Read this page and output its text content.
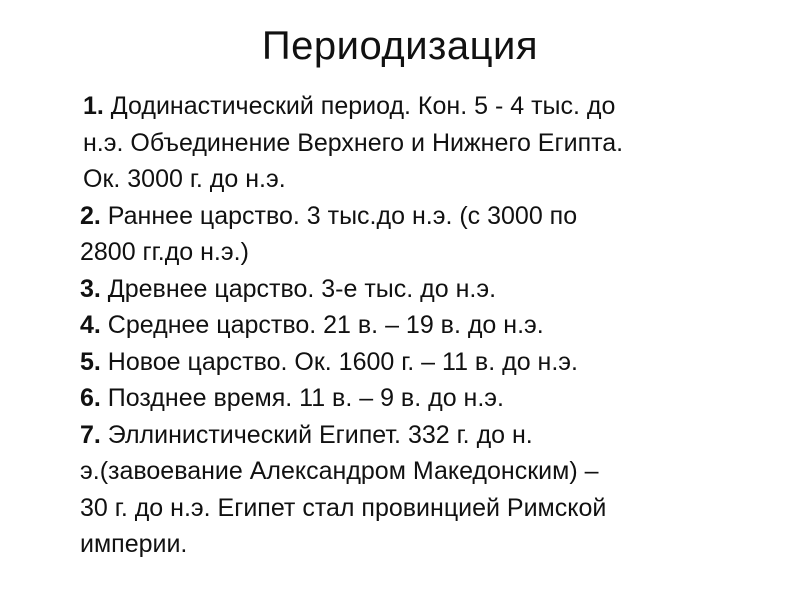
Периодизация
1. Додинастический период. Кон. 5 - 4 тыс. до
н.э. Объединение Верхнего и Нижнего Египта.
Ок. 3000 г. до н.э.
2. Раннее царство. 3 тыс.до н.э. (с 3000 по
2800 гг.до н.э.)
3. Древнее царство. 3-е тыс. до н.э.
4. Среднее царство. 21 в. – 19 в. до н.э.
5. Новое царство. Ок. 1600 г. – 11 в. до н.э.
6. Позднее время. 11 в. – 9 в. до н.э.
7. Эллинистический Египет. 332 г. до н.
э.(завоевание Александром Македонским) –
30 г. до н.э. Египет стал провинцией Римской
империи.
